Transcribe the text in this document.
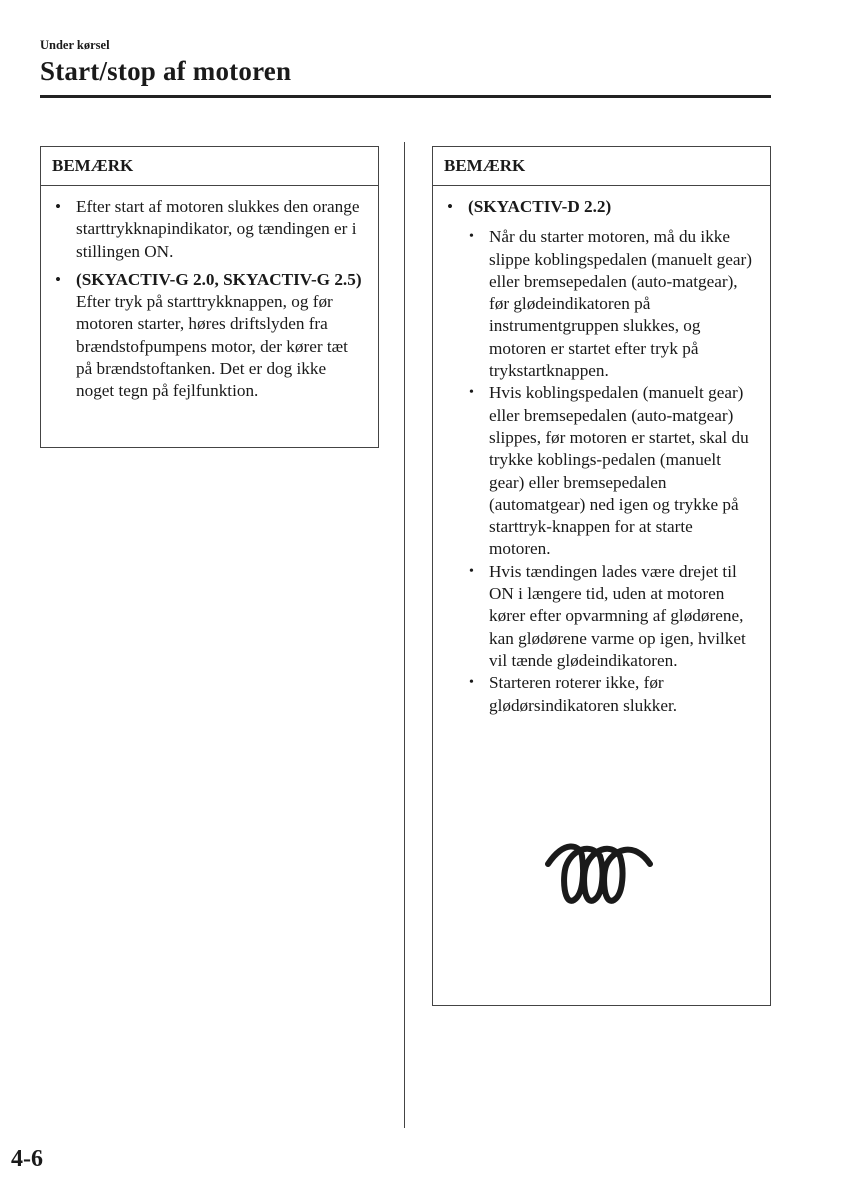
Under kørsel
Start/stop af motoren
BEMÆRK
• Efter start af motoren slukkes den orange starttrykknapindikator, og tændingen er i stillingen ON.
• (SKYACTIV-G 2.0, SKYACTIV-G 2.5)
Efter tryk på starttrykknappen, og før motoren starter, høres driftslyden fra brændstofpumpens motor, der kører tæt på brændstoftanken. Det er dog ikke noget tegn på fejlfunktion.
BEMÆRK
• (SKYACTIV-D 2.2)
• Når du starter motoren, må du ikke slippe koblingspedalen (manuelt gear) eller bremsepedalen (auto-matgear), før glødeindikatoren på instrumentgruppen slukkes, og motoren er startet efter tryk på trykstartknappen.
• Hvis koblingspedalen (manuelt gear) eller bremsepedalen (auto-matgear) slippes, før motoren er startet, skal du trykke koblings-pedalen (manuelt gear) eller bremsepedalen (automatgear) ned igen og trykke på starttryk-knappen for at starte motoren.
• Hvis tændingen lades være drejet til ON i længere tid, uden at motoren kører efter opvarmning af glødørene, kan glødørene varme op igen, hvilket vil tænde glødeindikatoren.
• Starteren roterer ikke, før glødørsindikatoren slukker.
4-6
